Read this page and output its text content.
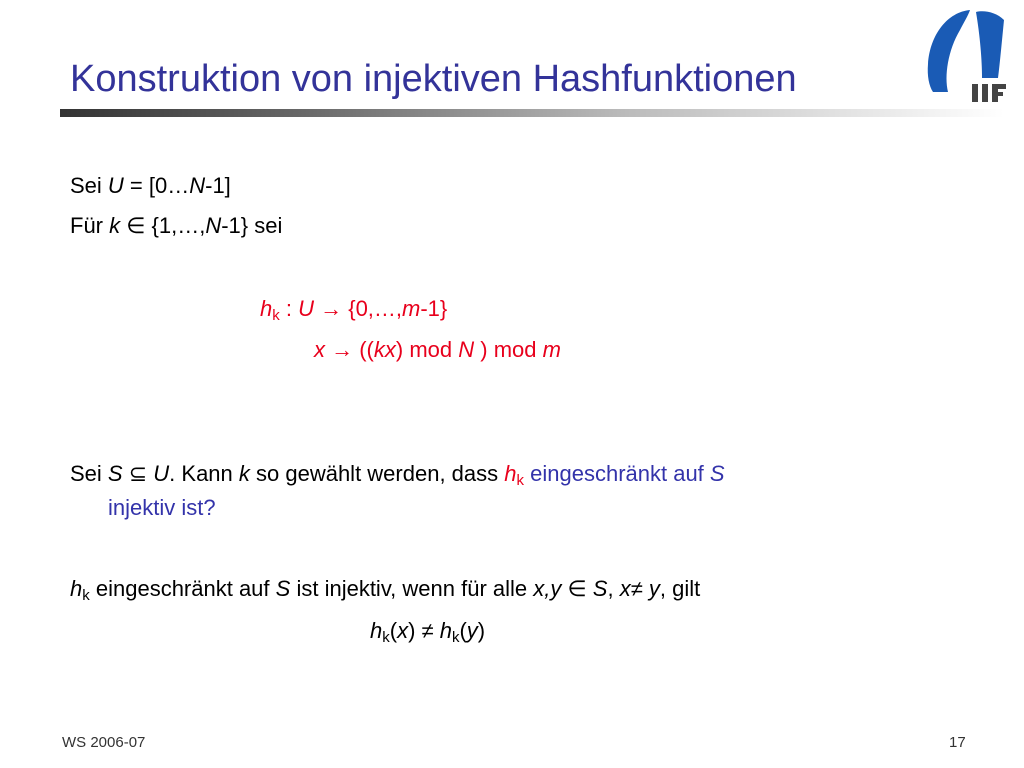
Konstruktion von injektiven Hashfunktionen
Sei U = [0…N-1]
Für k ∈ {1,…,N-1} sei
$h_k$ : U → {0,…,m-1}
x → ((kx) mod N ) mod m
Sei S ⊆ U. Kann k so gewählt werden, dass $h_k$ eingeschränkt auf S
injektiv ist?
$h_k$ eingeschränkt auf S ist injektiv, wenn für alle x,y ∈ S, x≠ y, gilt
$h_k(x) \ne h_k(y)$
WS 2006-07	17
